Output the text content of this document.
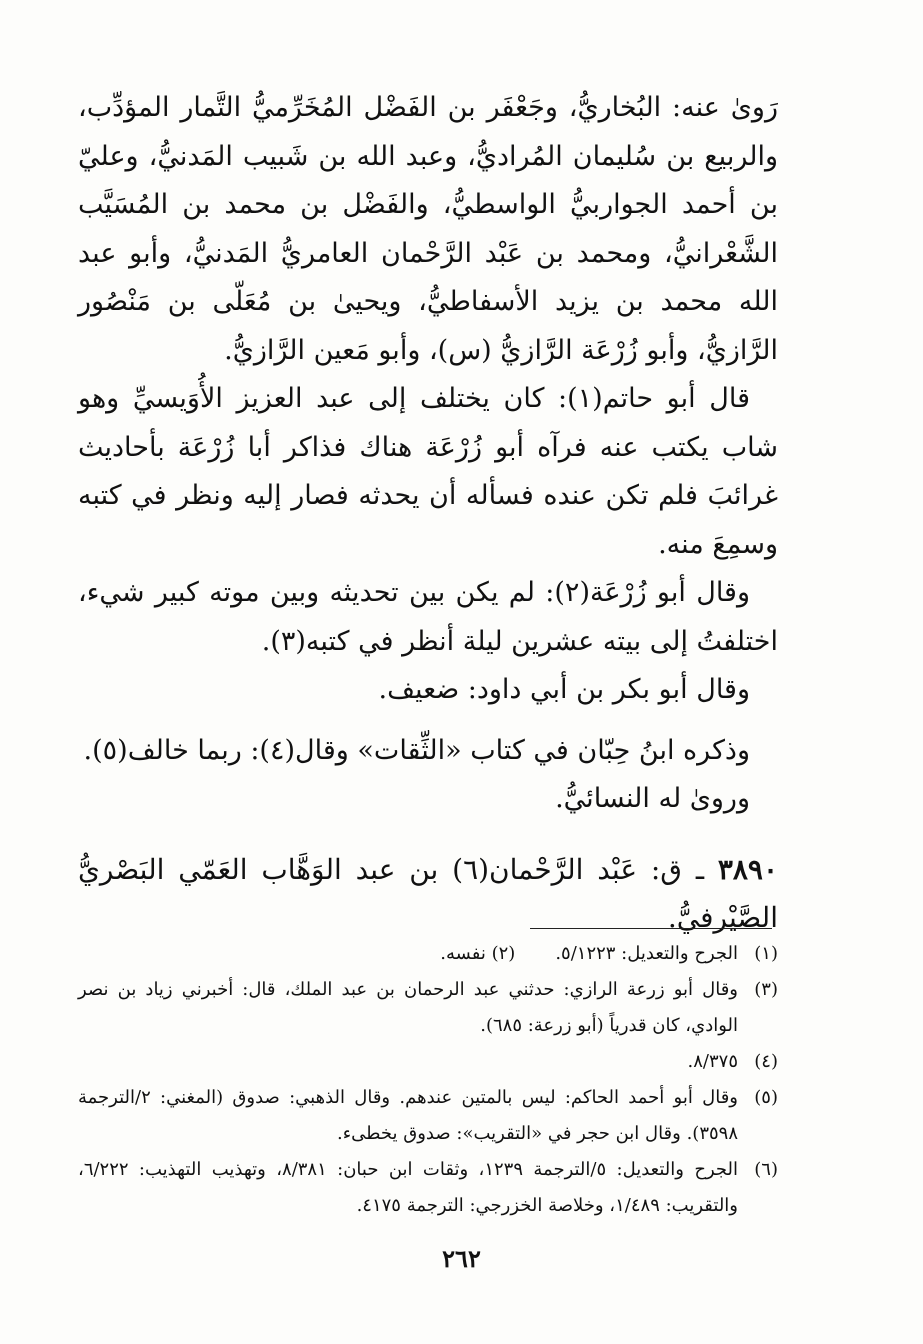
رَوىٰ عنه: البُخاريُّ، وجَعْفَر بن الفَضْل المُخَرِّميُّ التَّمار المؤدِّب، والربيع بن سُليمان المُراديُّ، وعبد الله بن شَبيب المَدنيُّ، وعليّ بن أحمد الجواربيُّ الواسطيُّ، والفَضْل بن محمد بن المُسَيَّب الشَّعْرانيُّ، ومحمد بن عَبْد الرَّحْمان العامريُّ المَدنيُّ، وأبو عبد الله محمد بن يزيد الأسفاطيُّ، ويحيىٰ بن مُعَلّى بن مَنْصُور الرَّازيُّ، وأبو زُرْعَة الرَّازيُّ (س)، وأبو مَعين الرَّازيُّ.

قال أبو حاتم(١): كان يختلف إلى عبد العزيز الأُوَيسيِّ وهو شاب يكتب عنه فرآه أبو زُرْعَة هناك فذاكر أبا زُرْعَة بأحاديث غرائبَ فلم تكن عنده فسأله أن يحدثه فصار إليه ونظر في كتبه وسمِعَ منه.

وقال أبو زُرْعَة(٢): لم يكن بين تحديثه وبين موته كبير شيء، اختلفتُ إلى بيته عشرين ليلة أنظر في كتبه(٣).

وقال أبو بكر بن أبي داود: ضعيف.

وذكره ابنُ حِبّان في كتاب «الثِّقات» وقال(٤): ربما خالف(٥).

وروىٰ له النسائيُّ.

٣٨٩٠ ـ ق: عَبْد الرَّحْمان(٦) بن عبد الوَهَّاب العَمّي البَصْريُّ الصَّيْرفيُّ.

(١)
الجرح والتعديل: ٥/١٢٢٣.(٢) نفسه.

(٣)
وقال أبو زرعة الرازي: حدثني عبد الرحمان بن عبد الملك، قال: أخبرني زياد بن نصر الوادي، كان قدرياً (أبو زرعة: ٦٨٥).

(٤)
٨/٣٧٥.

(٥)
وقال أبو أحمد الحاكم: ليس بالمتين عندهم. وقال الذهبي: صدوق (المغني: ٢/الترجمة ٣٥٩٨). وقال ابن حجر في «التقريب»: صدوق يخطىء.

(٦)
الجرح والتعديل: ٥/الترجمة ١٢٣٩، وثقات ابن حبان: ٨/٣٨١، وتهذيب التهذيب: ٦/٢٢٢، والتقريب: ١/٤٨٩، وخلاصة الخزرجي: الترجمة ٤١٧٥.

٢٦٢
